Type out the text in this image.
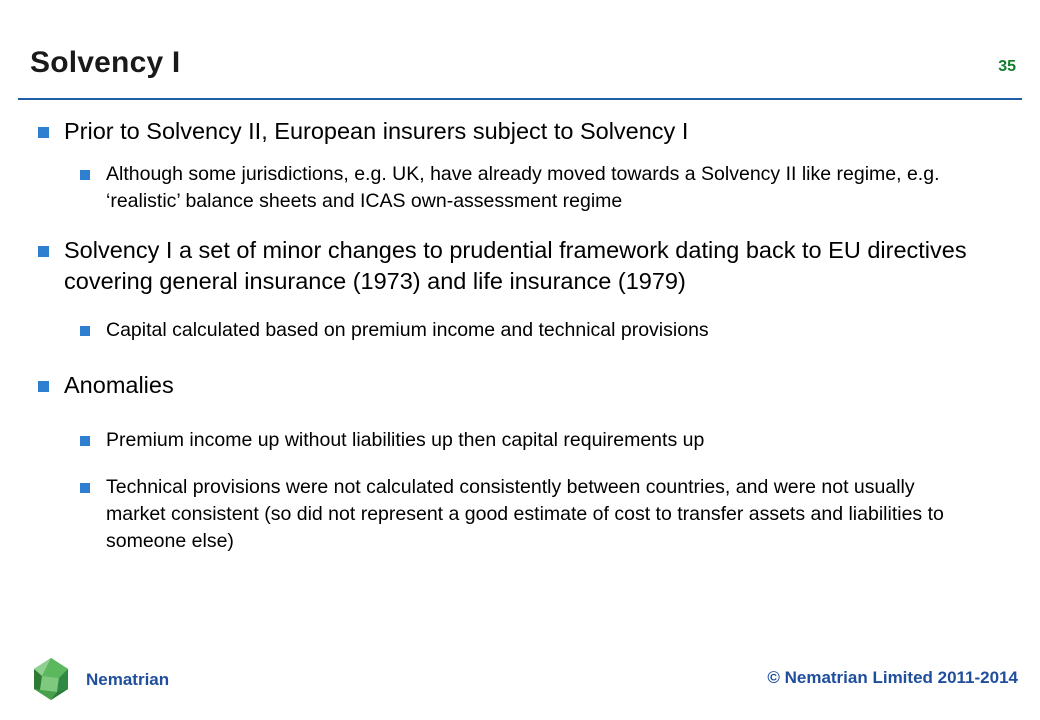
Solvency I	35
Prior to Solvency II, European insurers subject to Solvency I
Although some jurisdictions, e.g. UK, have already moved towards a Solvency II like regime, e.g. ‘realistic’ balance sheets and ICAS own-assessment regime
Solvency I a set of minor changes to prudential framework dating back to EU directives covering general insurance (1973) and life insurance (1979)
Capital calculated based on premium income and technical provisions
Anomalies
Premium income up without liabilities up then capital requirements up
Technical provisions were not calculated consistently between countries, and were not usually market consistent (so did not represent a good estimate of cost to transfer assets and liabilities to someone else)
Nematrian	© Nematrian Limited 2011-2014
